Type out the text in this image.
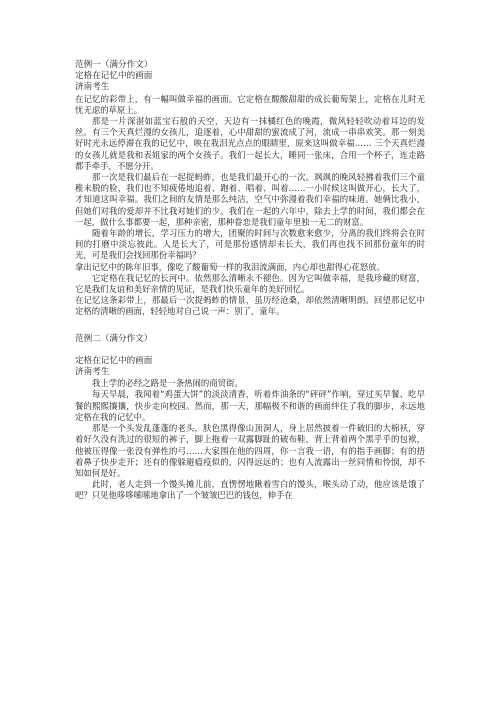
范例一（满分作文）

定格在记忆中的画面

济南考生

在记忆的彩带上，有一幅叫做幸福的画面。它定格在酸酸甜甜的成长葡萄架上，定格在儿时无忧无虑的草原上。

那是一片深湛如蓝宝石般的天空，天边有一抹橘红色的晚霞，微风轻轻吹动着耳边的发丝。有三个天真烂漫的女孩儿，追逐着，心中甜甜的蜜流成了河，流成一串串欢笑。那一刻美好时光永远停滞在我的记忆中，映在我泪光点点的眼睛里，原来这叫做幸福…… 三个天真烂漫的女孩儿就是我和表姐家的两个女孩子。我们一起长大，睡同一张床，合用一个杯子，连走路都手牵手，不愿分开。

那一次是我们最后在一起捉蚂蚱，也是我们最开心的一次。飒飒的晚风轻拂着我们三个童稚未脱的脸，我们也不知疲倦地追着、跑着、唱着、叫着……一小时候这叫做开心，长大了，才知道这叫幸福。我们之间的友情是那么纯洁，空气中弥漫着我们幸福的味道。她俩比我小，但她们对我的爱却并不比我对她们的少。我们在一起的六年中，除去上学的时间，我们都会在一起，做什么事都要一起，那种亲密，那种眷恋是我们童年里独一无二的财富。

随着年龄的增长，学习压力的增大，团聚的时间与次数愈来愈少，分离的我们终将会在时间的打磨中淡忘彼此。人是长大了，可是那份感情却未长大，我们再也找不回那份童年的时光，可是我们会找回那份幸福吗？

拿出记忆中的陈年旧事，像吃了酸葡萄一样的我泪流满面，内心却也甜得心花怒放。

它定格在我记忆的长河中。依然那么清晰永不褪色。因为它叫做幸福，是我珍藏的财富，它是我们友谊和美好亲情的见证，是我们快乐童年的美好回忆。

在记忆这条彩带上，那最后一次捉蚂蚱的情景，虽历经沧桑，却依然清晰明朗。回望那记忆中定格的清晰的画面，轻轻地对自己说一声：别了，童年。

范例二（满分作文）

定格在记忆中的画面

济南考生

我上学的必经之路是一条热闹的商贸街。

每天早晨，我闻着“鸡蛋大饼”的淡淡清香，听着炸油条的“砰砰”作响，穿过买早餐、吃早餐的熙熙攘攘，快步走向校园。然而，那一天，那幅极不和谐的画面绊住了我的脚步，永远地定格在我的记忆中。

那是一个头发乱蓬蓬的老头，肤色黑得像山顶洞人，身上居然披着一件破旧的大棉袄，穿着好久没有洗过的很短的裤子，脚上拖着一双露脚趾的破布鞋，背上背着两个黑乎乎的包袱，他被压得像一张没有弹性的弓……大家围在他的四周，你一言我一语，有的指手画脚；有的捂着鼻子快步走开；还有的像躲避瘟疫似的，闪得远远的；也有人流露出一丝同情和怜悯，却不知如何是好。

此时，老人走到一个馒头摊儿前，直愣愣地瞅着雪白的馒头，喉头动了动，他应该是饿了吧？只见他哆哆嗦嗦地拿出了一个皱皱巴巴的钱包，伸手在
